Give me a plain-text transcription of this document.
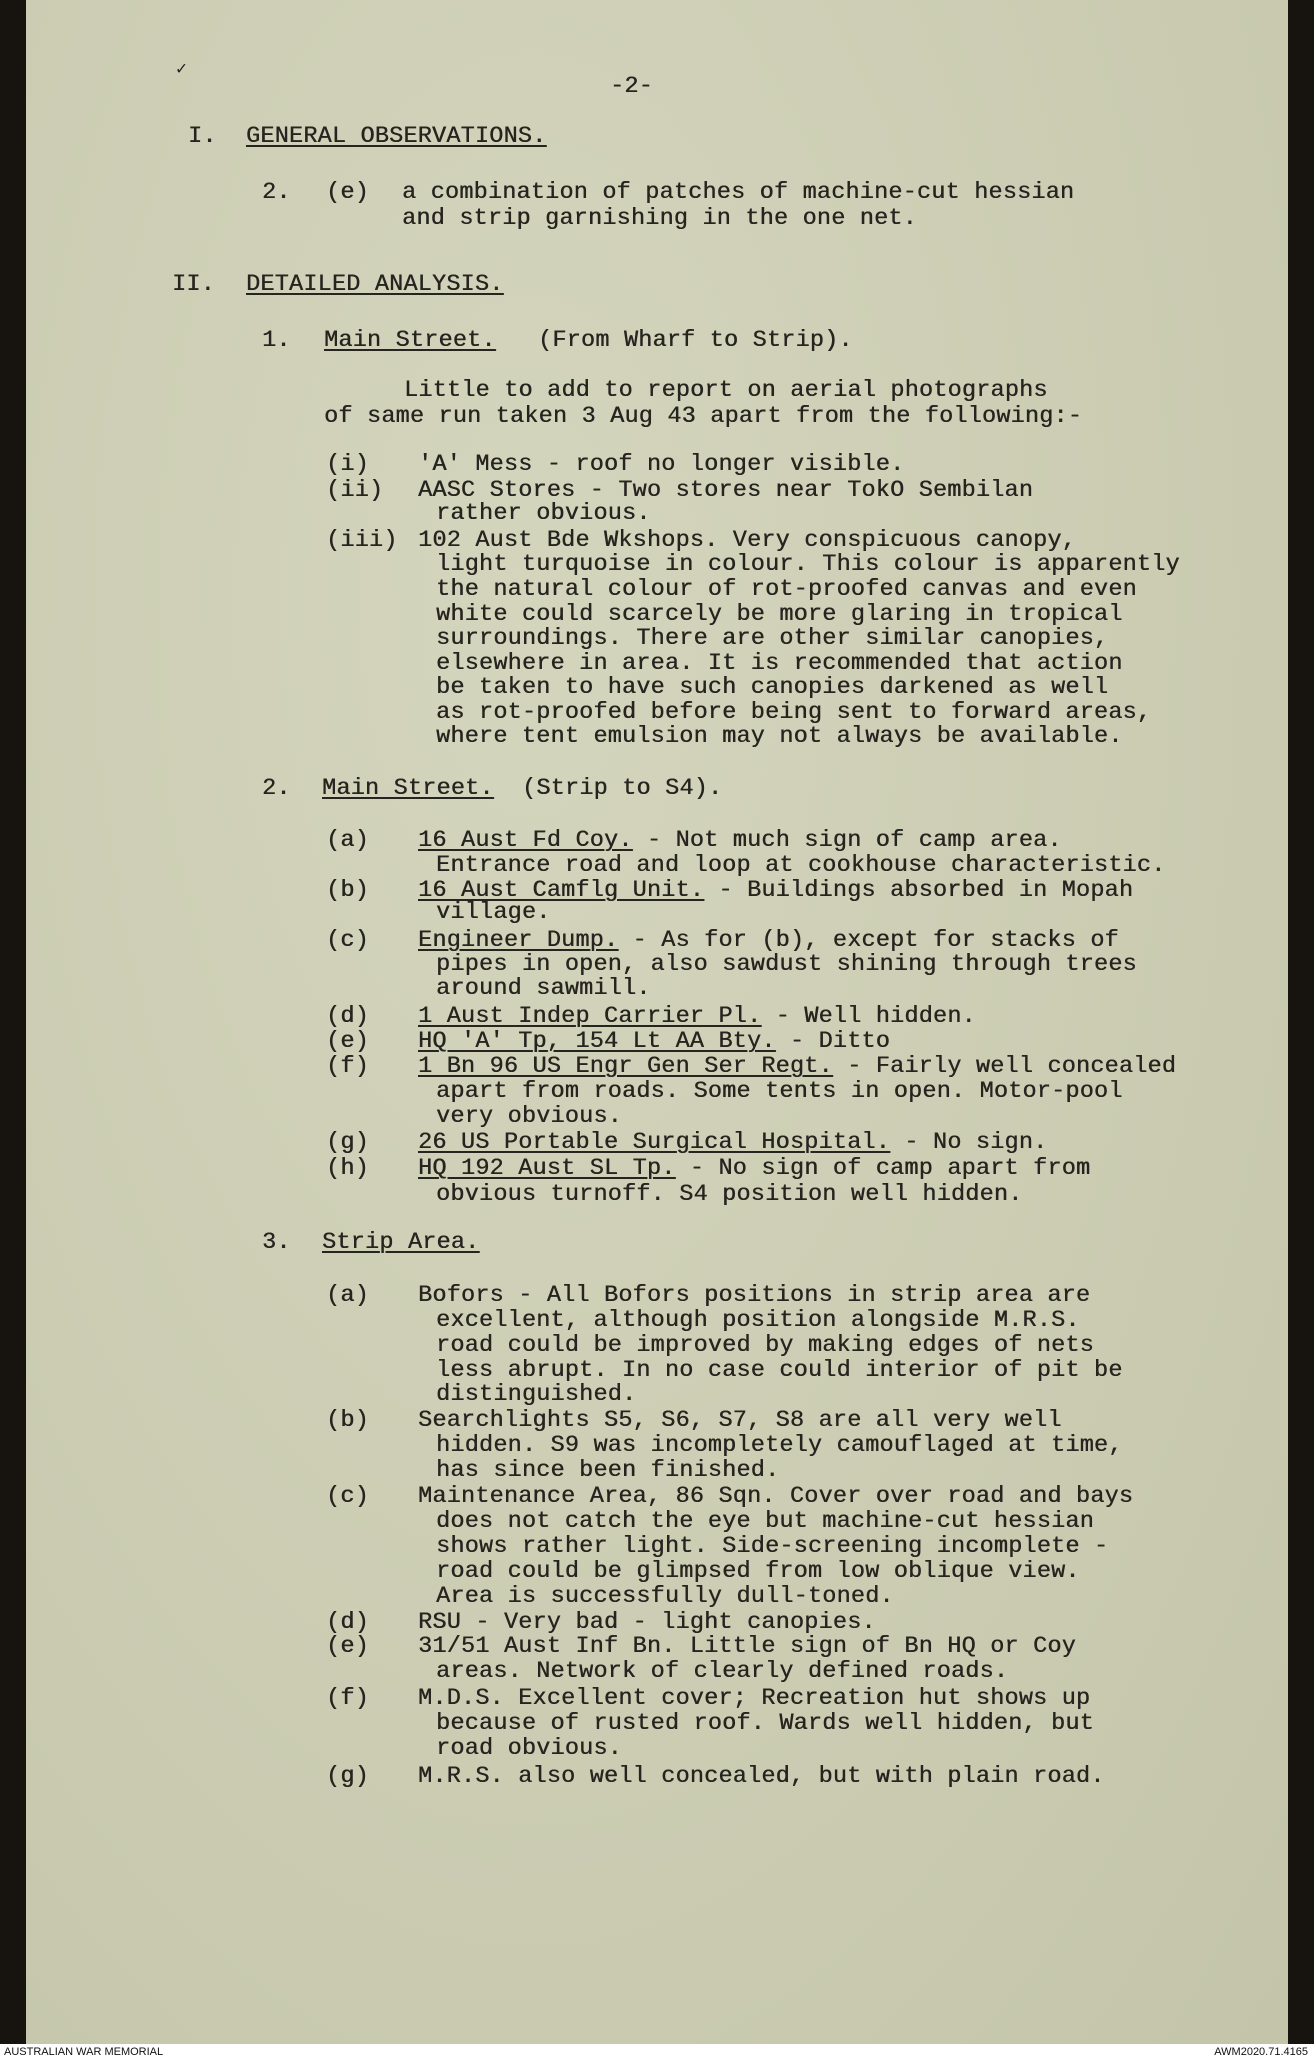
✓
-2-
I. GENERAL OBSERVATIONS.
2. (e) a combination of patches of machine-cut hessian
and strip garnishing in the one net.
II. DETAILED ANALYSIS.
1. Main Street. (From Wharf to Strip).
Little to add to report on aerial photographs
of same run taken 3 Aug 43 apart from the following:-
(i) 'A' Mess - roof no longer visible.
(ii) AASC Stores - Two stores near TokO Sembilan
rather obvious.
(iii) 102 Aust Bde Wkshops. Very conspicuous canopy,
light turquoise in colour. This colour is apparently
the natural colour of rot-proofed canvas and even
white could scarcely be more glaring in tropical
surroundings. There are other similar canopies,
elsewhere in area. It is recommended that action
be taken to have such canopies darkened as well
as rot-proofed before being sent to forward areas,
where tent emulsion may not always be available.
2. Main Street. (Strip to S4).
(a) 16 Aust Fd Coy. - Not much sign of camp area.
Entrance road and loop at cookhouse characteristic.
(b) 16 Aust Camflg Unit. - Buildings absorbed in Mopah
village.
(c) Engineer Dump. - As for (b), except for stacks of
pipes in open, also sawdust shining through trees
around sawmill.
(d) 1 Aust Indep Carrier Pl. - Well hidden.
(e) HQ 'A' Tp, 154 Lt AA Bty. - Ditto
(f) 1 Bn 96 US Engr Gen Ser Regt. - Fairly well concealed
apart from roads. Some tents in open. Motor-pool
very obvious.
(g) 26 US Portable Surgical Hospital. - No sign.
(h) HQ 192 Aust SL Tp. - No sign of camp apart from
obvious turnoff. S4 position well hidden.
3. Strip Area.
(a) Bofors - All Bofors positions in strip area are
excellent, although position alongside M.R.S.
road could be improved by making edges of nets
less abrupt. In no case could interior of pit be
distinguished.
(b) Searchlights S5, S6, S7, S8 are all very well
hidden. S9 was incompletely camouflaged at time,
has since been finished.
(c) Maintenance Area, 86 Sqn. Cover over road and bays
does not catch the eye but machine-cut hessian
shows rather light. Side-screening incomplete -
road could be glimpsed from low oblique view.
Area is successfully dull-toned.
(d) RSU - Very bad - light canopies.
(e) 31/51 Aust Inf Bn. Little sign of Bn HQ or Coy
areas. Network of clearly defined roads.
(f) M.D.S. Excellent cover; Recreation hut shows up
because of rusted roof. Wards well hidden, but
road obvious.
(g) M.R.S. also well concealed, but with plain road.
AUSTRALIAN WAR MEMORIAL	AWM2020.71.4165
